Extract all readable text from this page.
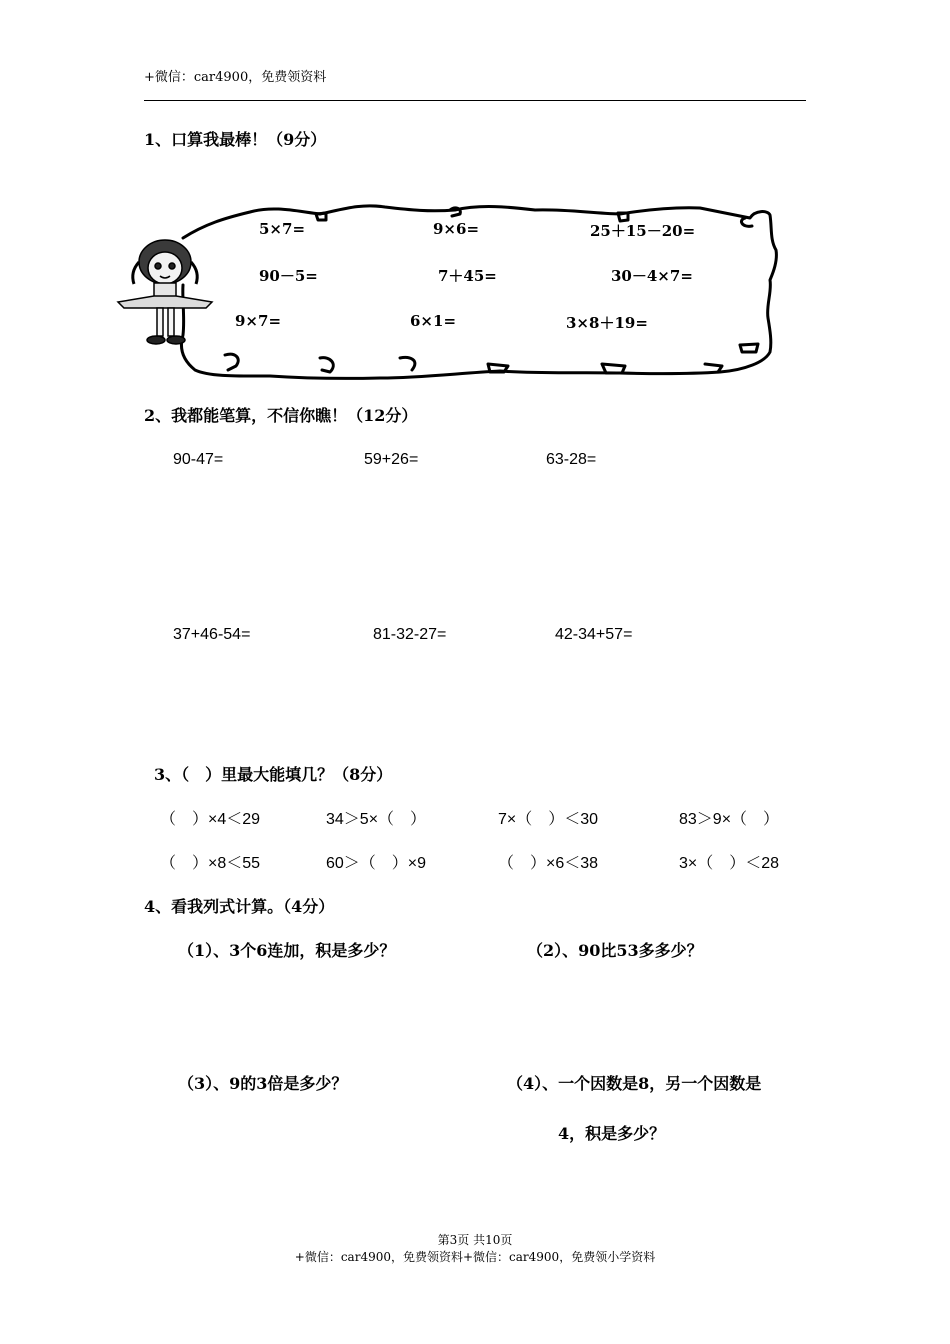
+微信：car4900，免费领资料
1、口算我最棒！（9分）
5×7=	9×6=	25＋15－20=
90－5=	7＋45=	30－4×7=
9×7=	6×1=	3×8＋19=
2、我都能笔算，不信你瞧！（12分）
90-47=	59+26=	63-28=
37+46-54=	81-32-27=	42-34+57=
3、（　）里最大能填几？（8分）
（　）×4＜29	34＞5×（　）	7×（　）＜30	83＞9×（　）
（　）×8＜55	60＞（　）×9	（　）×6＜38	3×（　）＜28
4、看我列式计算。（4分）
（1）、3个6连加，积是多少？	（2）、90比53多多少？
（3）、9的3倍是多少？	（4）、一个因数是8，另一个因数是
4，积是多少？
第3页 共10页
+微信：car4900，免费领资料+微信：car4900，免费领小学资料
